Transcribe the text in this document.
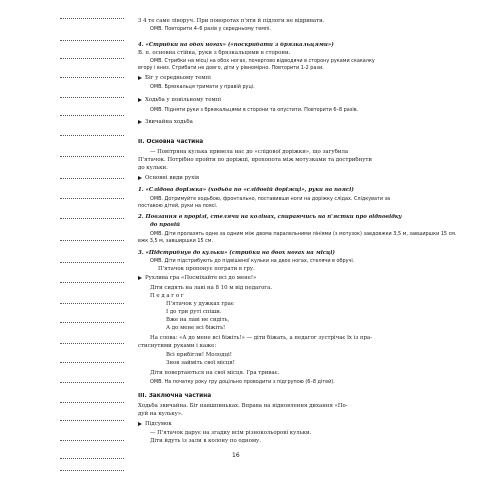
3 4 те саме ліворуч. При поворотах п'яти й підлоги не відривати.
ОМВ. Повторити 4–6 разів у середньому темпі.
4. «Стрибки на обох ногах» («поскрибати з брязкальцями»)
В. п. основна стійка, руки з брязкальцями в сторони.
ОМВ. Стрибки на місці на обох ногах, почергово відводячи в сторону руками скакалку
вгору і вниз. Стрибати не довго, діти у рівномірно. Повторити 1-2 рази.
Біг у середньому темпі
ОМВ. Брязкальця тримати у правій руці.
Ходьба у повільному темпі
ОМВ. Підняти руки з брязкальцями в сторони та опустити. Повторити 6–8 разів.
Звичайна ходьба
II. Основна частина
— Повітряна кулька привела нас до «слідової доріжки», що загубила
П'ятачок. Потрібно пройти по доріжці, прохопота між мотузками та дострибнути
до кульки.
Основні види рухів
1. «Слідова доріжка» (ходьба по «слідовій доріжці», руки на поясі)
ОМВ. Дотримуйте ходьбою, фронтально, поставивши ноги на доріжку слідах. Слідкувати за
поставою дітей, руки на поясі.
2. Повзання в прорізі, стелячи на колінах, спираючись на п'ястки про відповідку
до правій
ОМВ. Діти пролазять одне за одним між двома паралельними лініями (з мотузок) завдовжки 3,5 м, завширшки 15 см.
вжк 3,5 м, завширшки 15 см.
3. «Підстрибнув до кульки» (стрибки на двох ногах на місці)
ОМВ. Діти підстрибують до підвішеної кульки на двох ногах, стелячи в обручі.
П'ятачок пропонує пограти в гру.
Рухлива гра «Посміхайте всі до мене!»
Діти сидять на лаві на 8 10 м від педагога.
П е д а г о г
П'ятачок у дужках грає
І до три руті спіши.
Вже на лаві не сидіть,
А до мене всі біжіть!
На слова: «А до мене всі біжіть!» — діти біжать, а педагог зустрічає їх із пра-
стиснутими руками і каже:
Всі прибігли! Молодці!
Знов займіть свої місця!
Діти повертаються на свої місця. Гра триває.
ОМВ. На початку року гру доцільно проводити з підгрупою (6–8 дітей).
III. Заключна частина
Ходьба звичайна. Біг навшпиньках. Вправа на відновлення дихання «По-
дуй на кульку».
Підсумок
— П'ятачок дарує на згадку всім різнокольорові кульки.
Діти йдуть із зали в колону по одному.
16
